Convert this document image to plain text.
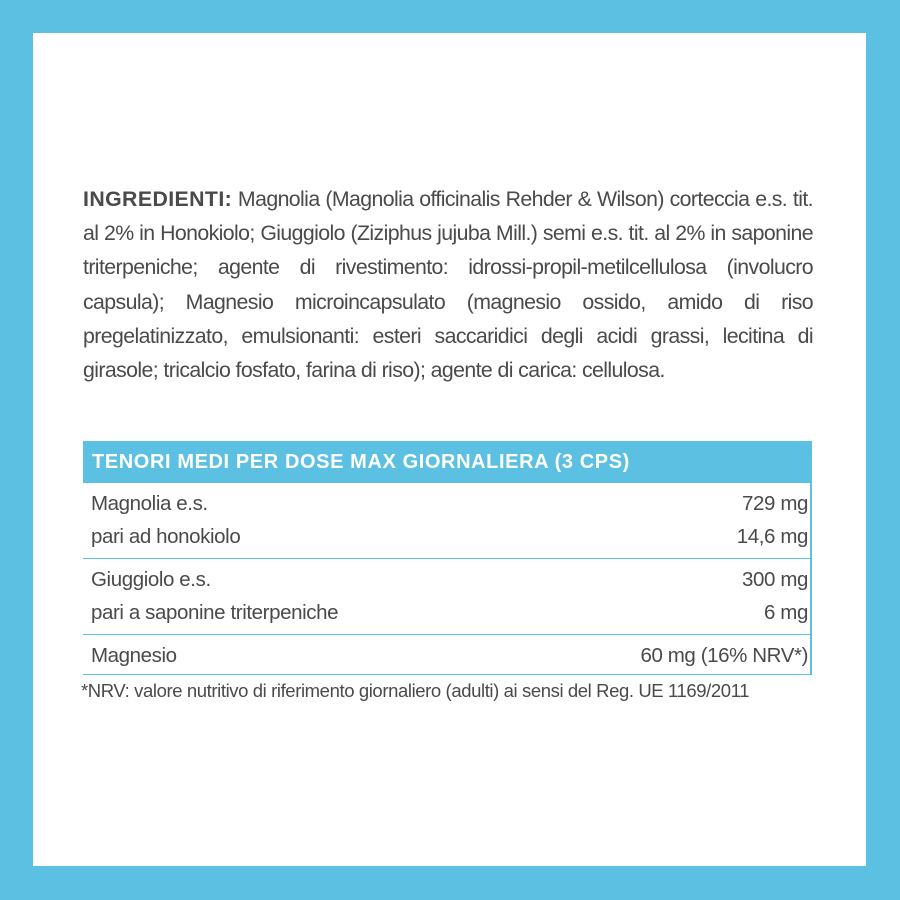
INGREDIENTI: Magnolia (Magnolia officinalis Rehder & Wilson) corteccia e.s. tit. al 2% in Honokiolo; Giuggiolo (Ziziphus jujuba Mill.) semi e.s. tit. al 2% in saponine triterpeniche; agente di rivestimento: idrossi-propil-metilcellulosa (involucro capsula); Magnesio microincapsulato (magnesio ossido, amido di riso pregelatinizzato, emulsionanti: esteri saccaridici degli acidi grassi, lecitina di girasole; tricalcio fosfato, farina di riso); agente di carica: cellulosa.

TENORI MEDI PER DOSE MAX GIORNALIERA (3 CPS)
Magnolia e.s.	729 mg
pari ad honokiolo	14,6 mg
Giuggiolo e.s.	300 mg
pari a saponine triterpeniche	6 mg
Magnesio	60 mg (16% NRV*)
*NRV: valore nutritivo di riferimento giornaliero (adulti) ai sensi del Reg. UE 1169/2011
